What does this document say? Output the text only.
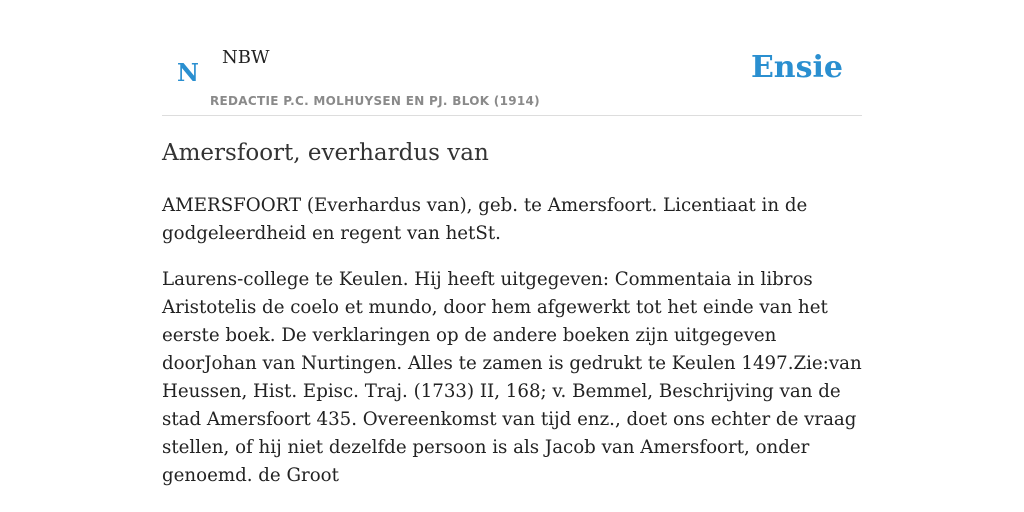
N
NBW
REDACTIE P.C. MOLHUYSEN EN PJ. BLOK (1914)
Ensie
Amersfoort, everhardus van

AMERSFOORT (Everhardus van), geb. te Amersfoort. Licentiaat in de godgeleerdheid en regent van hetSt.

Laurens-college te Keulen. Hij heeft uitgegeven: Commentaia in libros Aristotelis de coelo et mundo, door hem afgewerkt tot het einde van het eerste boek. De verklaringen op de andere boeken zijn uitgegeven doorJohan van Nurtingen. Alles te zamen is gedrukt te Keulen 1497.Zie:van Heussen, Hist. Episc. Traj. (1733) II, 168; v. Bemmel, Beschrijving van de stad Amersfoort 435. Overeenkomst van tijd enz., doet ons echter de vraag stellen, of hij niet dezelfde persoon is als Jacob van Amersfoort, onder genoemd. de Groot
